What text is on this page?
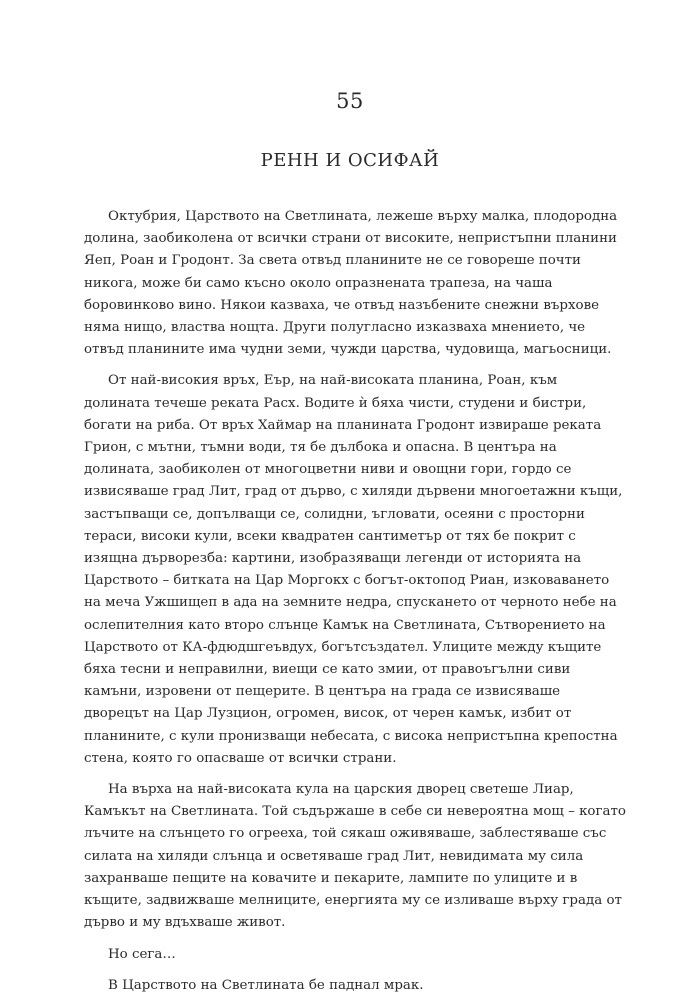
55
РЕНН И ОСИФАЙ

Октубрия, Царството на Светлината, лежеше върху малка, плодородна долина, заобиколена от всички страни от високите, непристъпни планини Яеп, Роан и Гродонт. За света отвъд планините не се говореше почти никога, може би само късно около опразнената трапеза, на чаша боровинково вино. Някои казваха, че отвъд назъбените снежни върхове няма нищо, властва нощта. Други полугласно изказваха мнението, че отвъд планините има чудни земи, чужди царства, чудовища, магьосници.

От най-високия връх, Еър, на най-високата планина, Роан, към долината течеше реката Расх. Водите ѝ бяха чисти, студени и бистри, богати на риба. От връх Хаймар на планината Гродонт извираше реката Грион, с мътни, тъмни води, тя бе дълбока и опасна. В центъра на долината, заобиколен от многоцветни ниви и овощни гори, гордо се извисяваше град Лит, град от дърво, с хиляди дървени многоетажни къщи, застъпващи се, допълващи се, солидни, ъгловати, осеяни с просторни тераси, високи кули, всеки квадратен сантиметър от тях бе покрит с изящна дърворезба: картини, изобразяващи легенди от историята на Царството – битката на Цар Моргокх с богът-октопод Риан, изковаването на меча Ужшищеп в ада на земните недра, спускането от черното небе на ослепителния като второ слънце Камък на Светлината, Сътворението на Царството от КА-фдюдшгеъвдух, богътсъздател. Улиците между къщите бяха тесни и неправилни, виещи се като змии, от правоъгълни сиви камъни, изровени от пещерите. В центъра на града се извисяваше дворецът на Цар Лузцион, огромен, висок, от черен камък, избит от планините, с кули пронизващи небесата, с висока непристъпна крепостна стена, която го опасваше от всички страни.

На върха на най-високата кула на царския дворец светеше Лиар, Камъкът на Светлината. Той съдържаше в себе си невероятна мощ – когато лъчите на слънцето го огрееха, той сякаш оживяваше, заблестяваше със силата на хиляди слънца и осветяваше град Лит, невидимата му сила захранваше пещите на ковачите и пекарите, лампите по улиците и в къщите, задвижваше мелниците, енергията му се изливаше върху града от дърво и му вдъхваше живот.

Но сега…

В Царството на Светлината бе паднал мрак.
